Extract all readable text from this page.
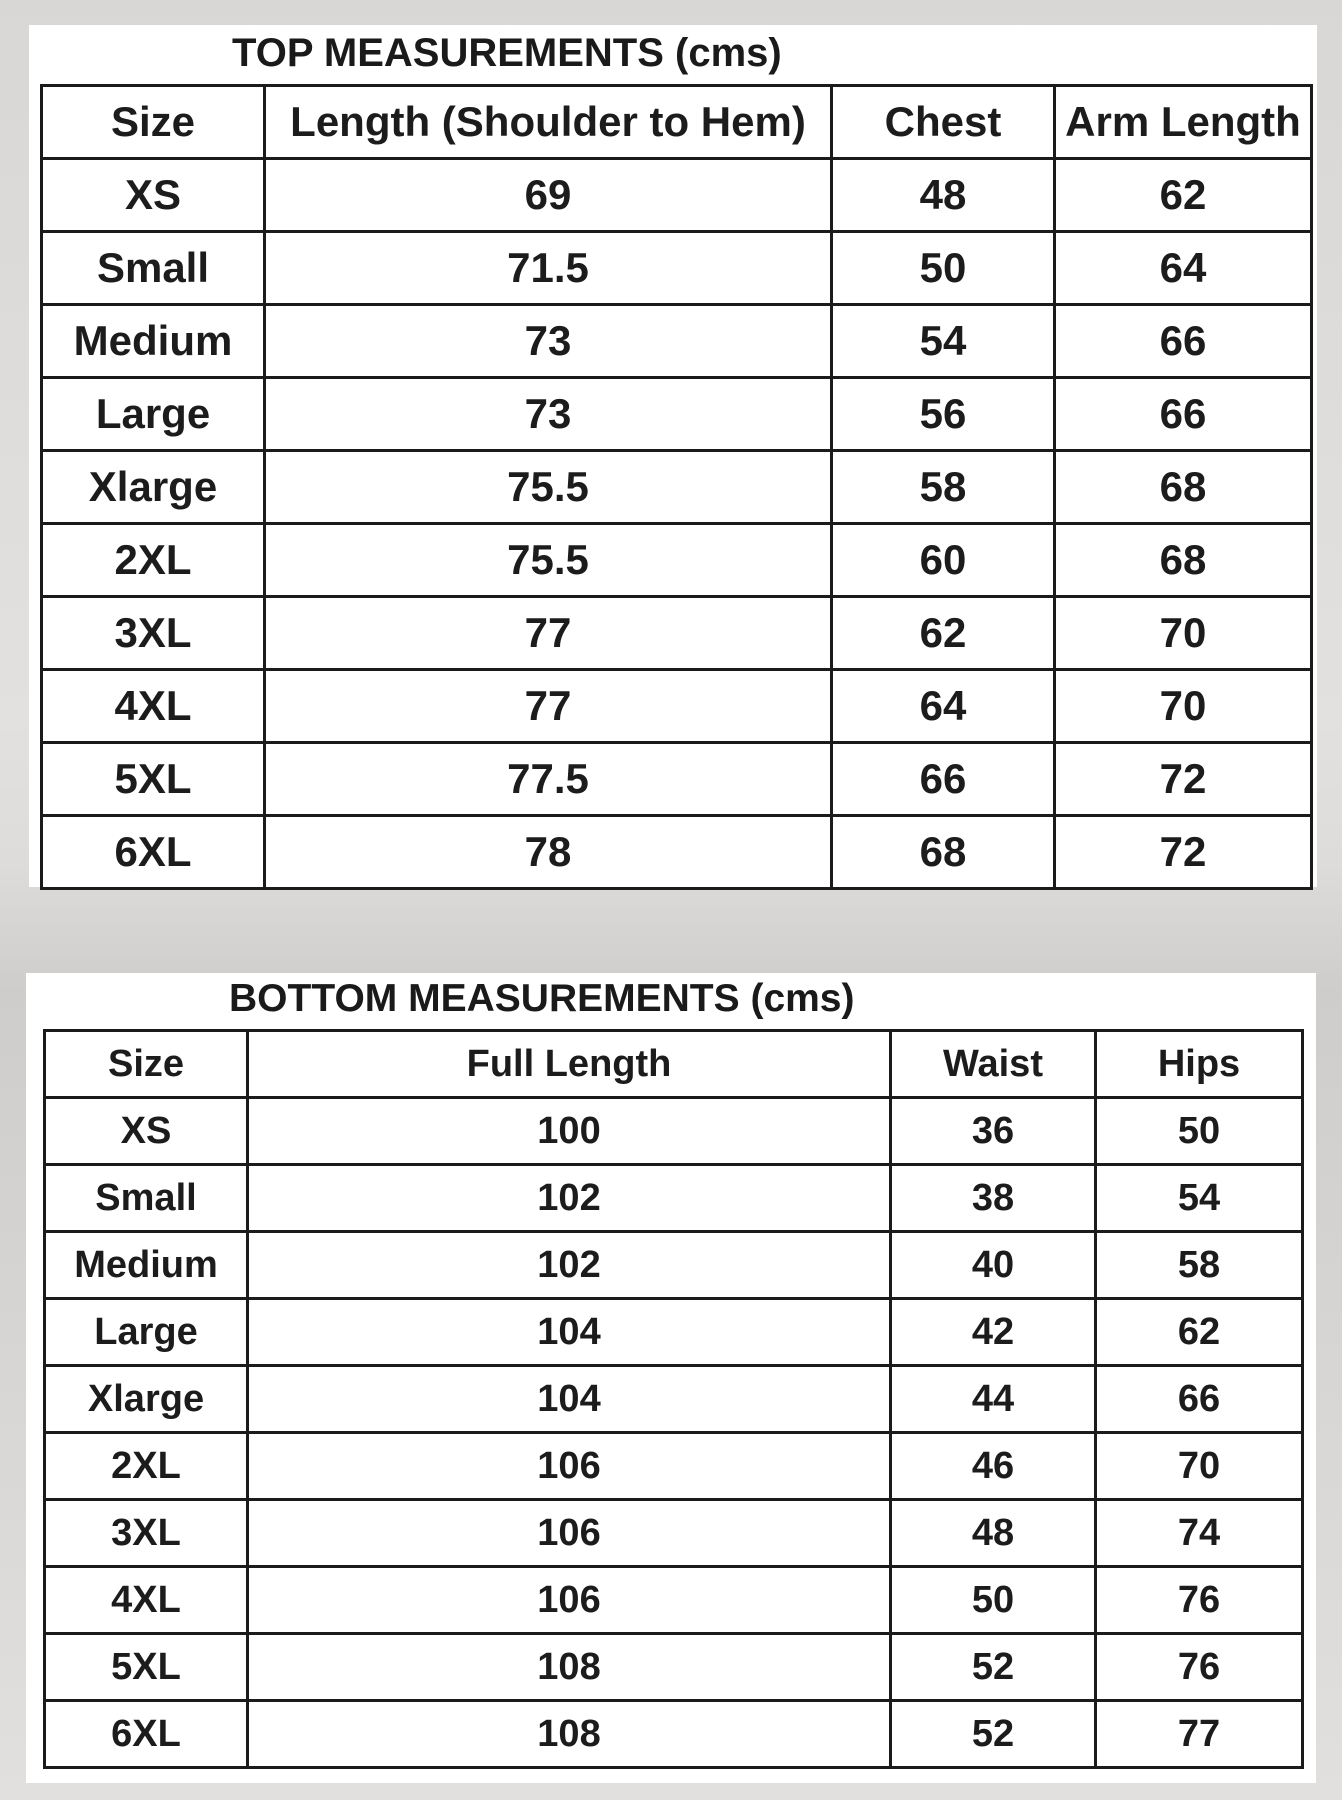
TOP MEASUREMENTS (cms)
Size	Length (Shoulder to Hem)	Chest	Arm Length
XS	69	48	62
Small	71.5	50	64
Medium	73	54	66
Large	73	56	66
Xlarge	75.5	58	68
2XL	75.5	60	68
3XL	77	62	70
4XL	77	64	70
5XL	77.5	66	72
6XL	78	68	72
BOTTOM MEASUREMENTS (cms)
Size	Full Length	Waist	Hips
XS	100	36	50
Small	102	38	54
Medium	102	40	58
Large	104	42	62
Xlarge	104	44	66
2XL	106	46	70
3XL	106	48	74
4XL	106	50	76
5XL	108	52	76
6XL	108	52	77
